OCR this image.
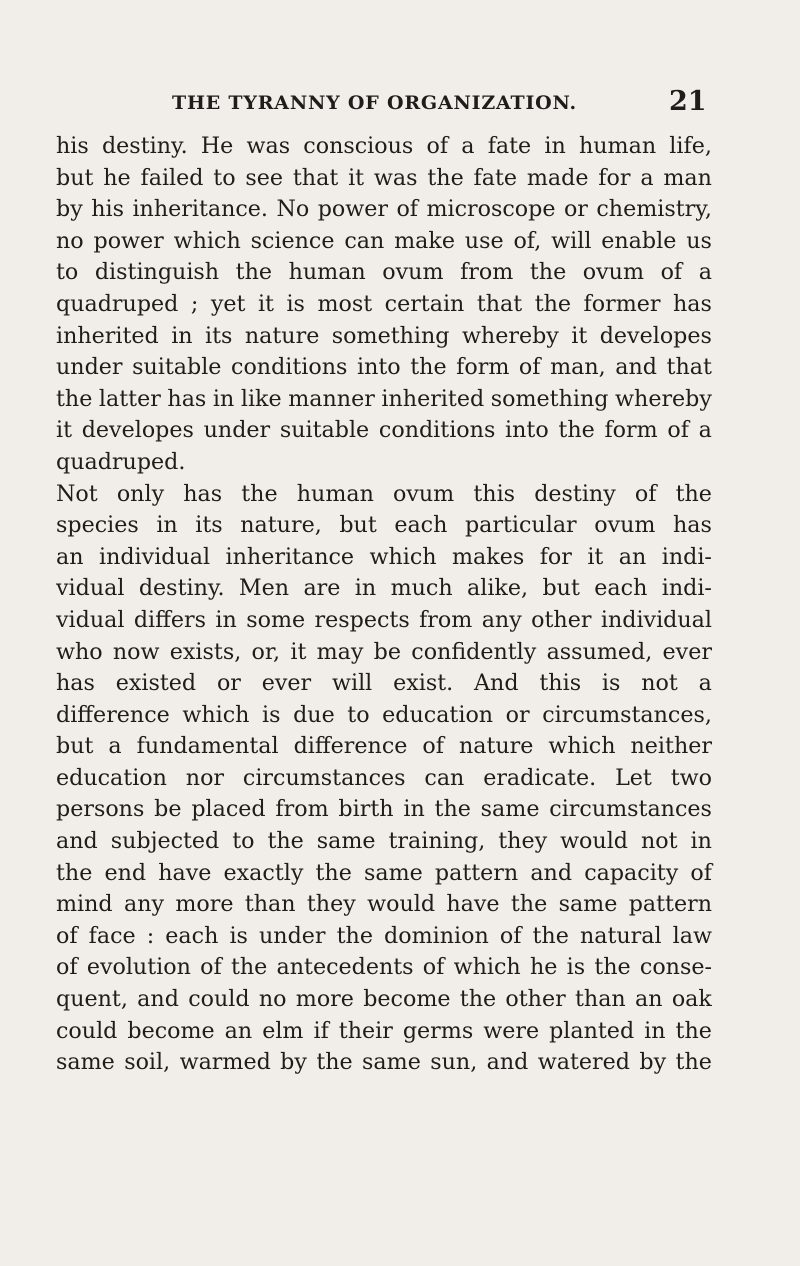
THE TYRANNY OF ORGANIZATION.	21
his destiny. He was conscious of a fate in human life,
but he failed to see that it was the fate made for a man
by his inheritance. No power of microscope or chemistry,
no power which science can make use of, will enable us
to distinguish the human ovum from the ovum of a
quadruped ; yet it is most certain that the former has
inherited in its nature something whereby it developes
under suitable conditions into the form of man, and that
the latter has in like manner inherited something whereby
it developes under suitable conditions into the form of a
quadruped.
Not only has the human ovum this destiny of the
species in its nature, but each particular ovum has
an individual inheritance which makes for it an indi-
vidual destiny. Men are in much alike, but each indi-
vidual differs in some respects from any other individual
who now exists, or, it may be confidently assumed, ever
has existed or ever will exist. And this is not a
difference which is due to education or circumstances,
but a fundamental difference of nature which neither
education nor circumstances can eradicate. Let two
persons be placed from birth in the same circumstances
and subjected to the same training, they would not in
the end have exactly the same pattern and capacity of
mind any more than they would have the same pattern
of face : each is under the dominion of the natural law
of evolution of the antecedents of which he is the conse-
quent, and could no more become the other than an oak
could become an elm if their germs were planted in the
same soil, warmed by the same sun, and watered by the
